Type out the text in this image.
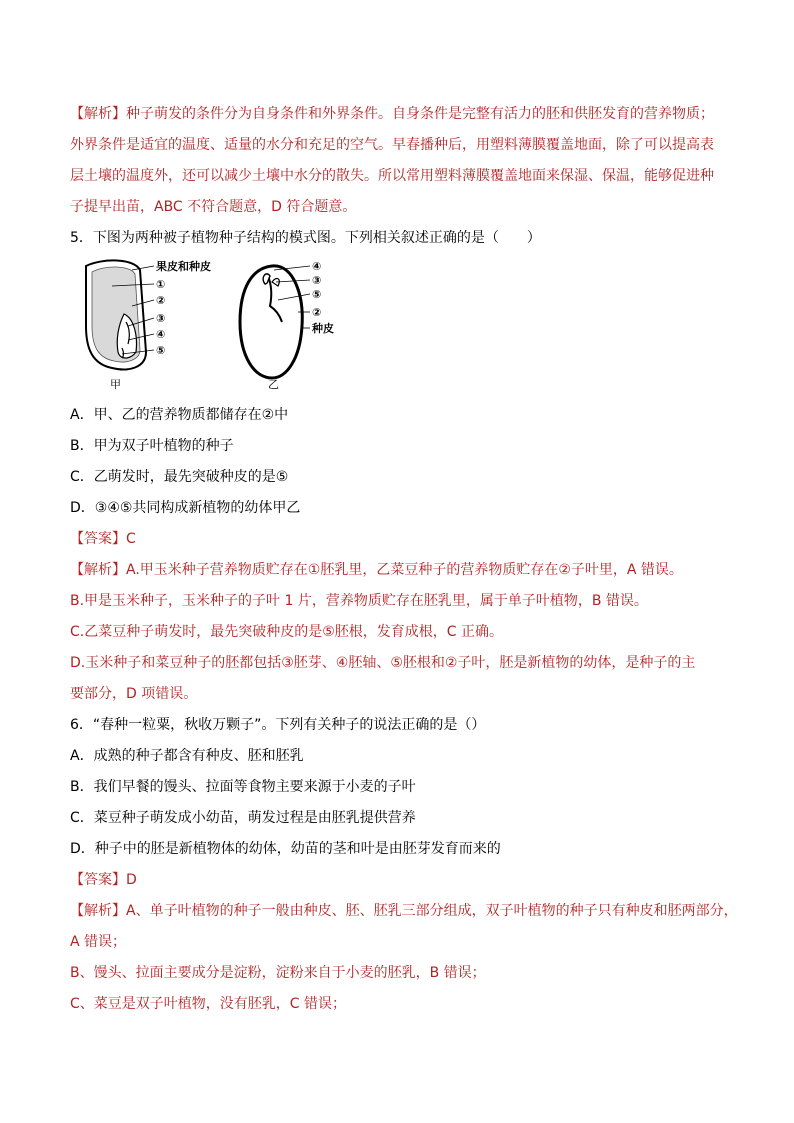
【解析】种子萌发的条件分为自身条件和外界条件。自身条件是完整有活力的胚和供胚发育的营养物质；
外界条件是适宜的温度、适量的水分和充足的空气。早春播种后，用塑料薄膜覆盖地面，除了可以提高表
层土壤的温度外，还可以减少土壤中水分的散失。所以常用塑料薄膜覆盖地面来保湿、保温，能够促进种
子提早出苗，ABC 不符合题意，D 符合题意。
5．下图为两种被子植物种子结构的模式图。下列相关叙述正确的是（　　）
果皮和种皮
①
②
③
④
⑤
甲
④
③
⑤
②
种皮
乙
A．甲、乙的营养物质都储存在②中
B．甲为双子叶植物的种子
C．乙萌发时，最先突破种皮的是⑤
D．③④⑤共同构成新植物的幼体甲乙
【答案】C
【解析】A.甲玉米种子营养物质贮存在①胚乳里，乙菜豆种子的营养物质贮存在②子叶里，A 错误。
B.甲是玉米种子，玉米种子的子叶 1 片，营养物质贮存在胚乳里，属于单子叶植物，B 错误。
C.乙菜豆种子萌发时，最先突破种皮的是⑤胚根，发育成根，C 正确。
D.玉米种子和菜豆种子的胚都包括③胚芽、④胚轴、⑤胚根和②子叶，胚是新植物的幼体，是种子的主
要部分，D 项错误。
6．“春种一粒粟，秋收万颗子”。下列有关种子的说法正确的是（）
A．成熟的种子都含有种皮、胚和胚乳
B．我们早餐的馒头、拉面等食物主要来源于小麦的子叶
C．菜豆种子萌发成小幼苗，萌发过程是由胚乳提供营养
D．种子中的胚是新植物体的幼体，幼苗的茎和叶是由胚芽发育而来的
【答案】D
【解析】A、单子叶植物的种子一般由种皮、胚、胚乳三部分组成，双子叶植物的种子只有种皮和胚两部分，
A 错误；
B、馒头、拉面主要成分是淀粉，淀粉来自于小麦的胚乳，B 错误；
C、菜豆是双子叶植物，没有胚乳，C 错误；
